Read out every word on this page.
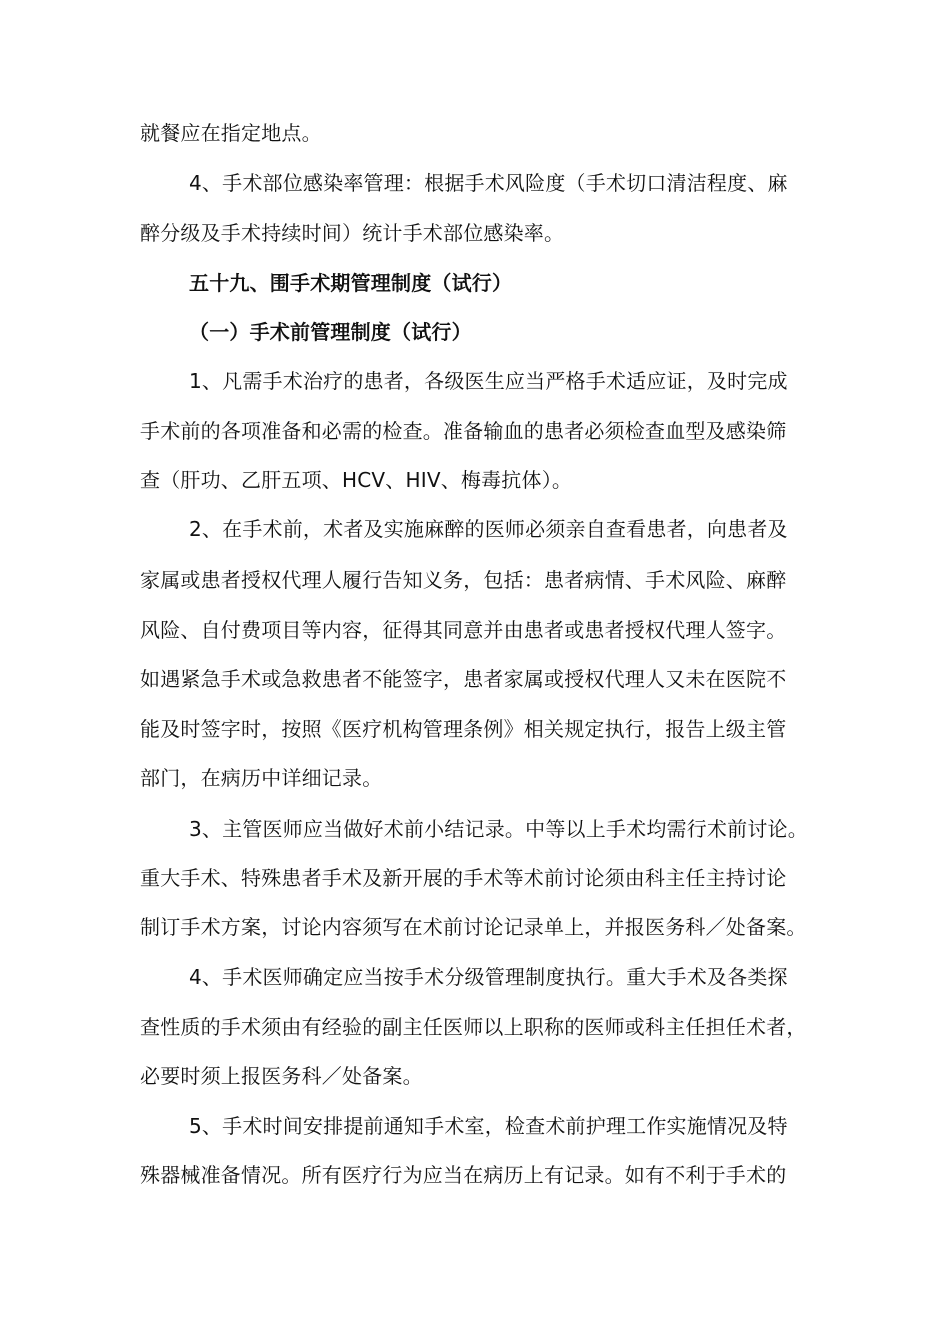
就餐应在指定地点。
4、手术部位感染率管理：根据手术风险度（手术切口清洁程度、麻
醉分级及手术持续时间）统计手术部位感染率。
五十九、围手术期管理制度（试行）
（一）手术前管理制度（试行）
1、凡需手术治疗的患者，各级医生应当严格手术适应证，及时完成
手术前的各项准备和必需的检查。准备输血的患者必须检查血型及感染筛
查（肝功、乙肝五项、HCV、HIV、梅毒抗体）。
2、在手术前，术者及实施麻醉的医师必须亲自查看患者，向患者及
家属或患者授权代理人履行告知义务，包括：患者病情、手术风险、麻醉
风险、自付费项目等内容，征得其同意并由患者或患者授权代理人签字。
如遇紧急手术或急救患者不能签字，患者家属或授权代理人又未在医院不
能及时签字时，按照《医疗机构管理条例》相关规定执行，报告上级主管
部门，在病历中详细记录。
3、主管医师应当做好术前小结记录。中等以上手术均需行术前讨论。
重大手术、特殊患者手术及新开展的手术等术前讨论须由科主任主持讨论
制订手术方案，讨论内容须写在术前讨论记录单上，并报医务科／处备案。
4、手术医师确定应当按手术分级管理制度执行。重大手术及各类探
查性质的手术须由有经验的副主任医师以上职称的医师或科主任担任术者，
必要时须上报医务科／处备案。
5、手术时间安排提前通知手术室，检查术前护理工作实施情况及特
殊器械准备情况。所有医疗行为应当在病历上有记录。如有不利于手术的
